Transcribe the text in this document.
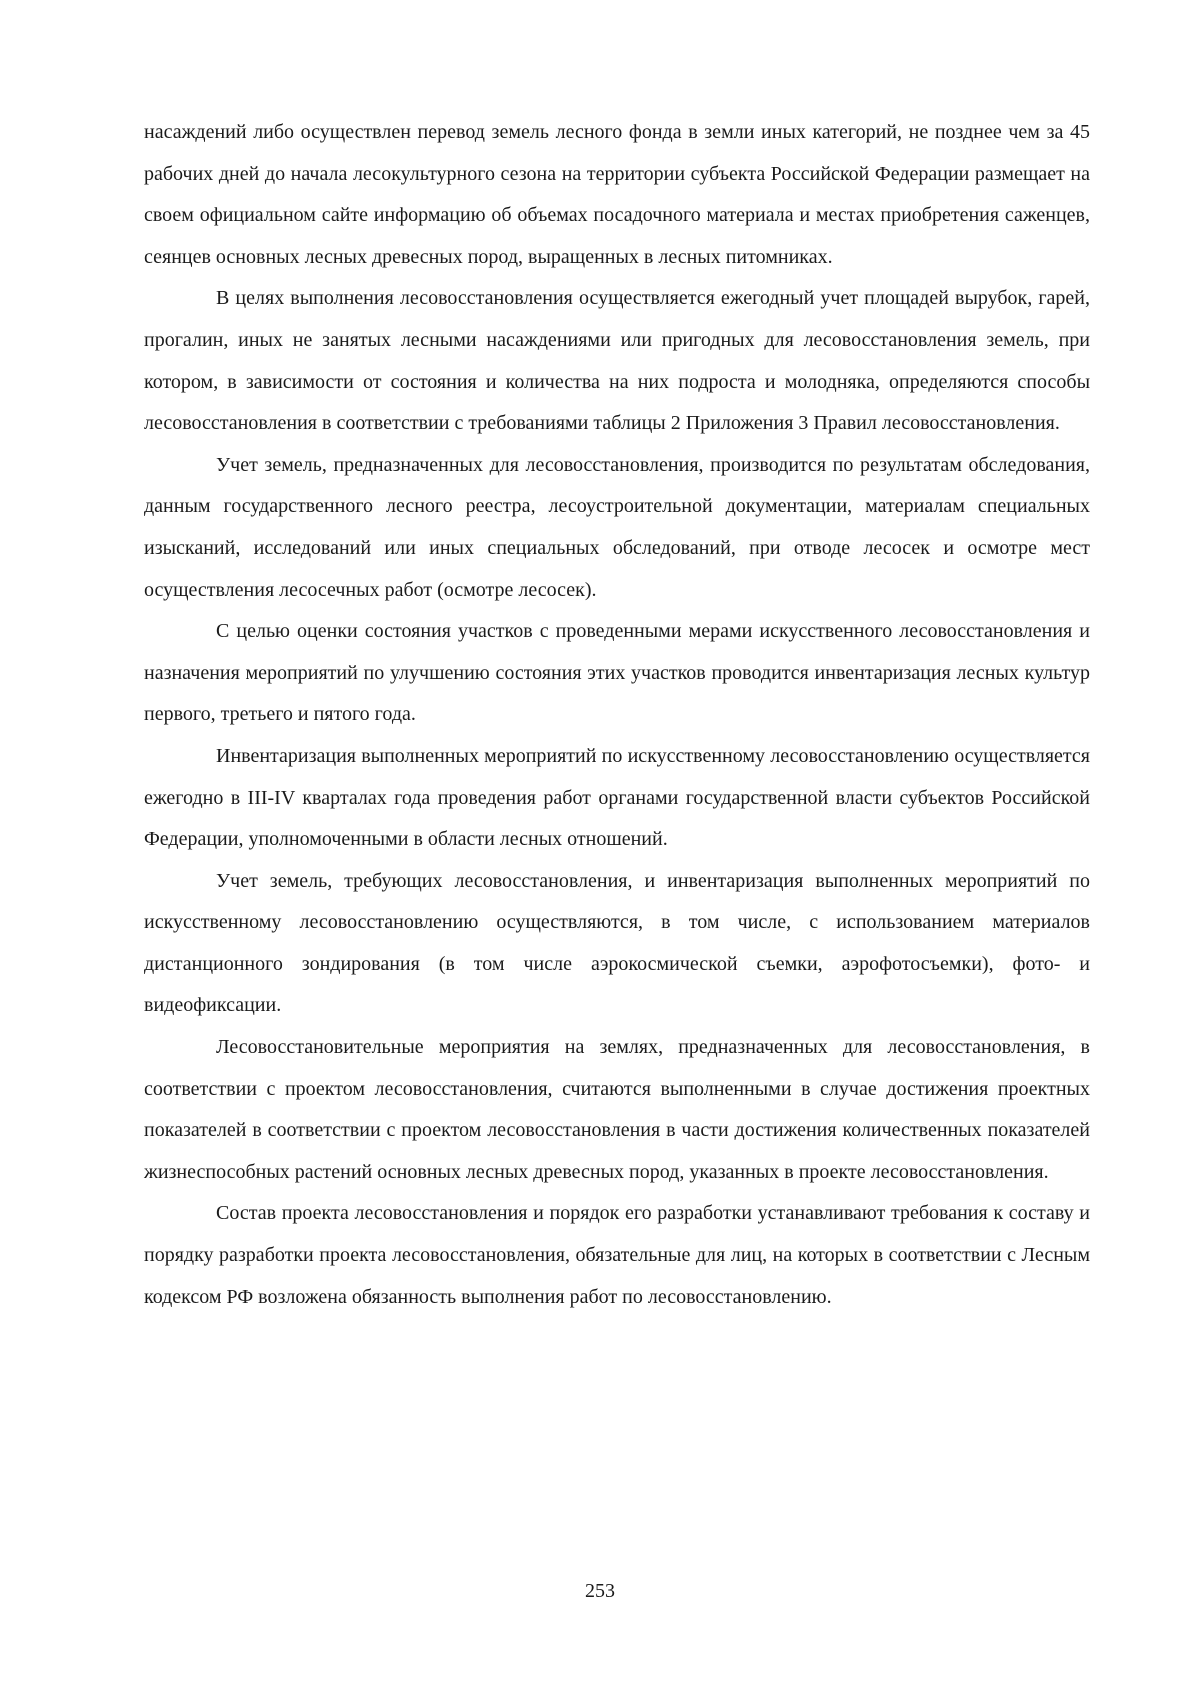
насаждений либо осуществлен перевод земель лесного фонда в земли иных категорий, не позднее чем за 45 рабочих дней до начала лесокультурного сезона на территории субъекта Российской Федерации размещает на своем официальном сайте информацию об объемах посадочного материала и местах приобретения саженцев, сеянцев основных лесных древесных пород, выращенных в лесных питомниках.

В целях выполнения лесовосстановления осуществляется ежегодный учет площадей вырубок, гарей, прогалин, иных не занятых лесными насаждениями или пригодных для лесовосстановления земель, при котором, в зависимости от состояния и количества на них подроста и молодняка, определяются способы лесовосстановления в соответствии с требованиями таблицы 2 Приложения 3 Правил лесовосстановления.

Учет земель, предназначенных для лесовосстановления, производится по результатам обследования, данным государственного лесного реестра, лесоустроительной документации, материалам специальных изысканий, исследований или иных специальных обследований, при отводе лесосек и осмотре мест осуществления лесосечных работ (осмотре лесосек).

С целью оценки состояния участков с проведенными мерами искусственного лесовосстановления и назначения мероприятий по улучшению состояния этих участков проводится инвентаризация лесных культур первого, третьего и пятого года.

Инвентаризация выполненных мероприятий по искусственному лесовосстановлению осуществляется ежегодно в III-IV кварталах года проведения работ органами государственной власти субъектов Российской Федерации, уполномоченными в области лесных отношений.

Учет земель, требующих лесовосстановления, и инвентаризация выполненных мероприятий по искусственному лесовосстановлению осуществляются, в том числе, с использованием материалов дистанционного зондирования (в том числе аэрокосмической съемки, аэрофотосъемки), фото- и видеофиксации.

Лесовосстановительные мероприятия на землях, предназначенных для лесовосстановления, в соответствии с проектом лесовосстановления, считаются выполненными в случае достижения проектных показателей в соответствии с проектом лесовосстановления в части достижения количественных показателей жизнеспособных растений основных лесных древесных пород, указанных в проекте лесовосстановления.

Состав проекта лесовосстановления и порядок его разработки устанавливают требования к составу и порядку разработки проекта лесовосстановления, обязательные для лиц, на которых в соответствии с Лесным кодексом РФ возложена обязанность выполнения работ по лесовосстановлению.

253
